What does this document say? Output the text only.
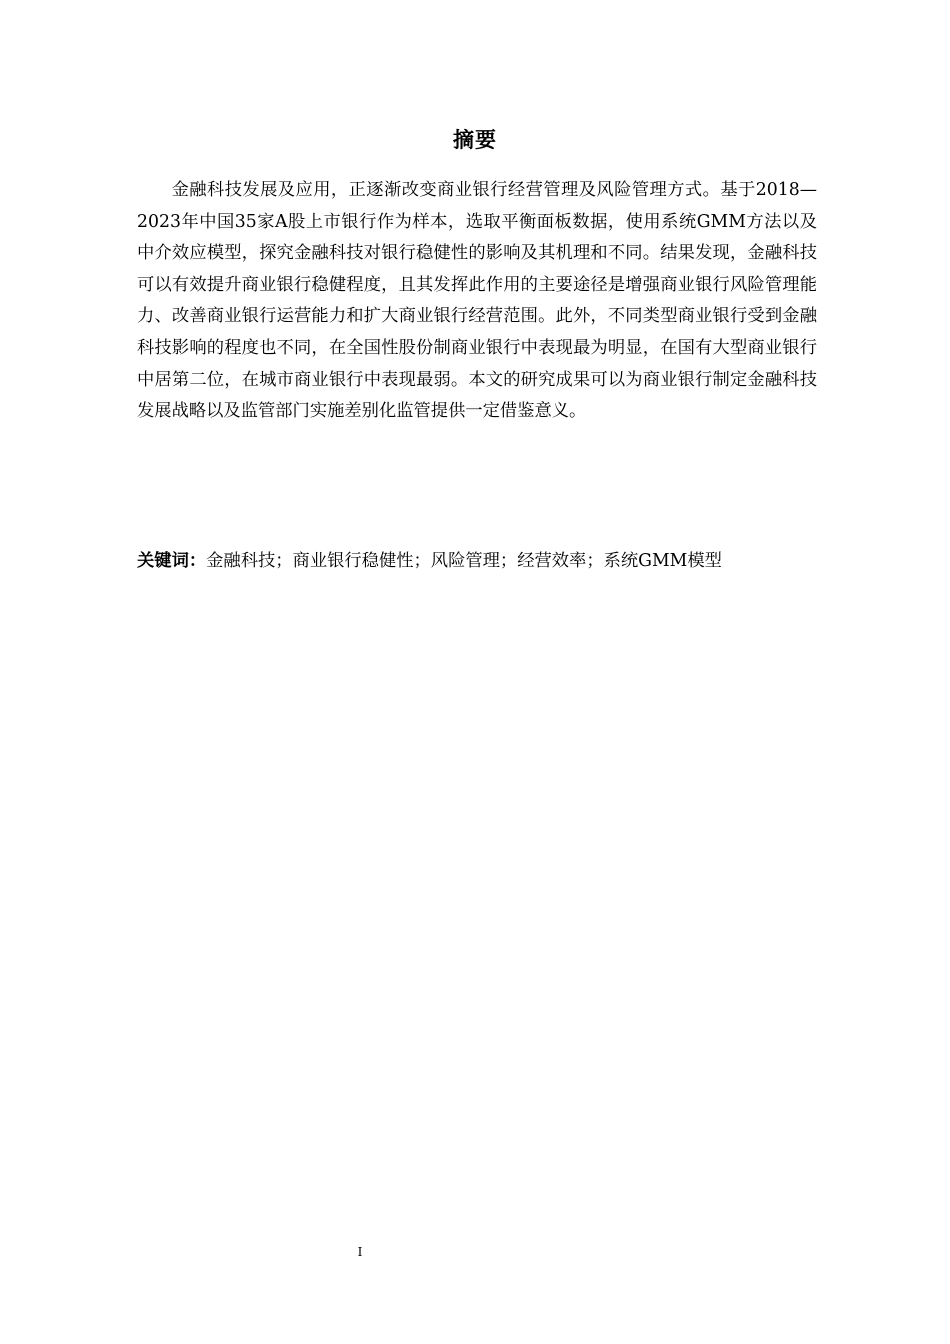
摘要

金融科技发展及应用，正逐渐改变商业银行经营管理及风险管理方式。基于2018—2023年中国35家A股上市银行作为样本，选取平衡面板数据，使用系统GMM方法以及中介效应模型，探究金融科技对银行稳健性的影响及其机理和不同。结果发现，金融科技可以有效提升商业银行稳健程度，且其发挥此作用的主要途径是增强商业银行风险管理能力、改善商业银行运营能力和扩大商业银行经营范围。此外，不同类型商业银行受到金融科技影响的程度也不同，在全国性股份制商业银行中表现最为明显，在国有大型商业银行中居第二位，在城市商业银行中表现最弱。本文的研究成果可以为商业银行制定金融科技发展战略以及监管部门实施差别化监管提供一定借鉴意义。

关键词：金融科技；商业银行稳健性；风险管理；经营效率；系统GMM模型

I
